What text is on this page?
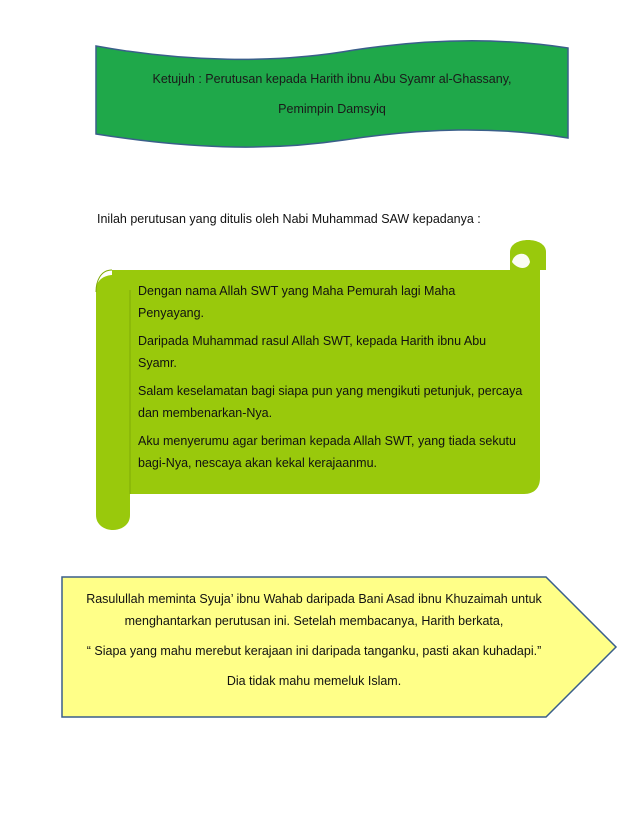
Ketujuh : Perutusan kepada Harith ibnu Abu Syamr al-Ghassany,
Pemimpin Damsyiq
Inilah perutusan yang ditulis oleh Nabi Muhammad SAW kepadanya :

Dengan nama Allah SWT yang Maha Pemurah lagi Maha Penyayang.

Daripada Muhammad rasul Allah SWT, kepada Harith ibnu Abu Syamr.

Salam keselamatan bagi siapa pun yang mengikuti petunjuk, percaya dan membenarkan-Nya.

Aku menyerumu agar beriman kepada Allah SWT, yang tiada sekutu bagi-Nya, nescaya akan kekal kerajaanmu.

Rasulullah meminta Syuja’ ibnu Wahab daripada Bani Asad ibnu Khuzaimah untuk
menghantarkan perutusan ini. Setelah membacanya, Harith berkata,
“ Siapa yang mahu merebut kerajaan ini daripada tanganku, pasti akan kuhadapi.”
Dia tidak mahu memeluk Islam.
